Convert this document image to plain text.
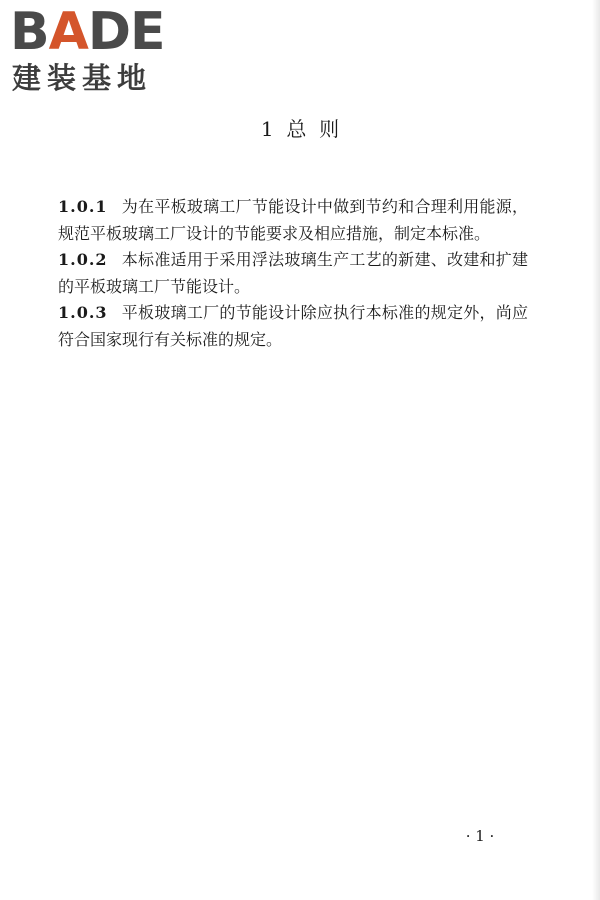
BADE
建装基地
1 总  则

1.0.1 为在平板玻璃工厂节能设计中做到节约和合理利用能源，规范平板玻璃工厂设计的节能要求及相应措施，制定本标准。

1.0.2 本标准适用于采用浮法玻璃生产工艺的新建、改建和扩建的平板玻璃工厂节能设计。

1.0.3 平板玻璃工厂的节能设计除应执行本标准的规定外，尚应符合国家现行有关标准的规定。

· 1 ·
